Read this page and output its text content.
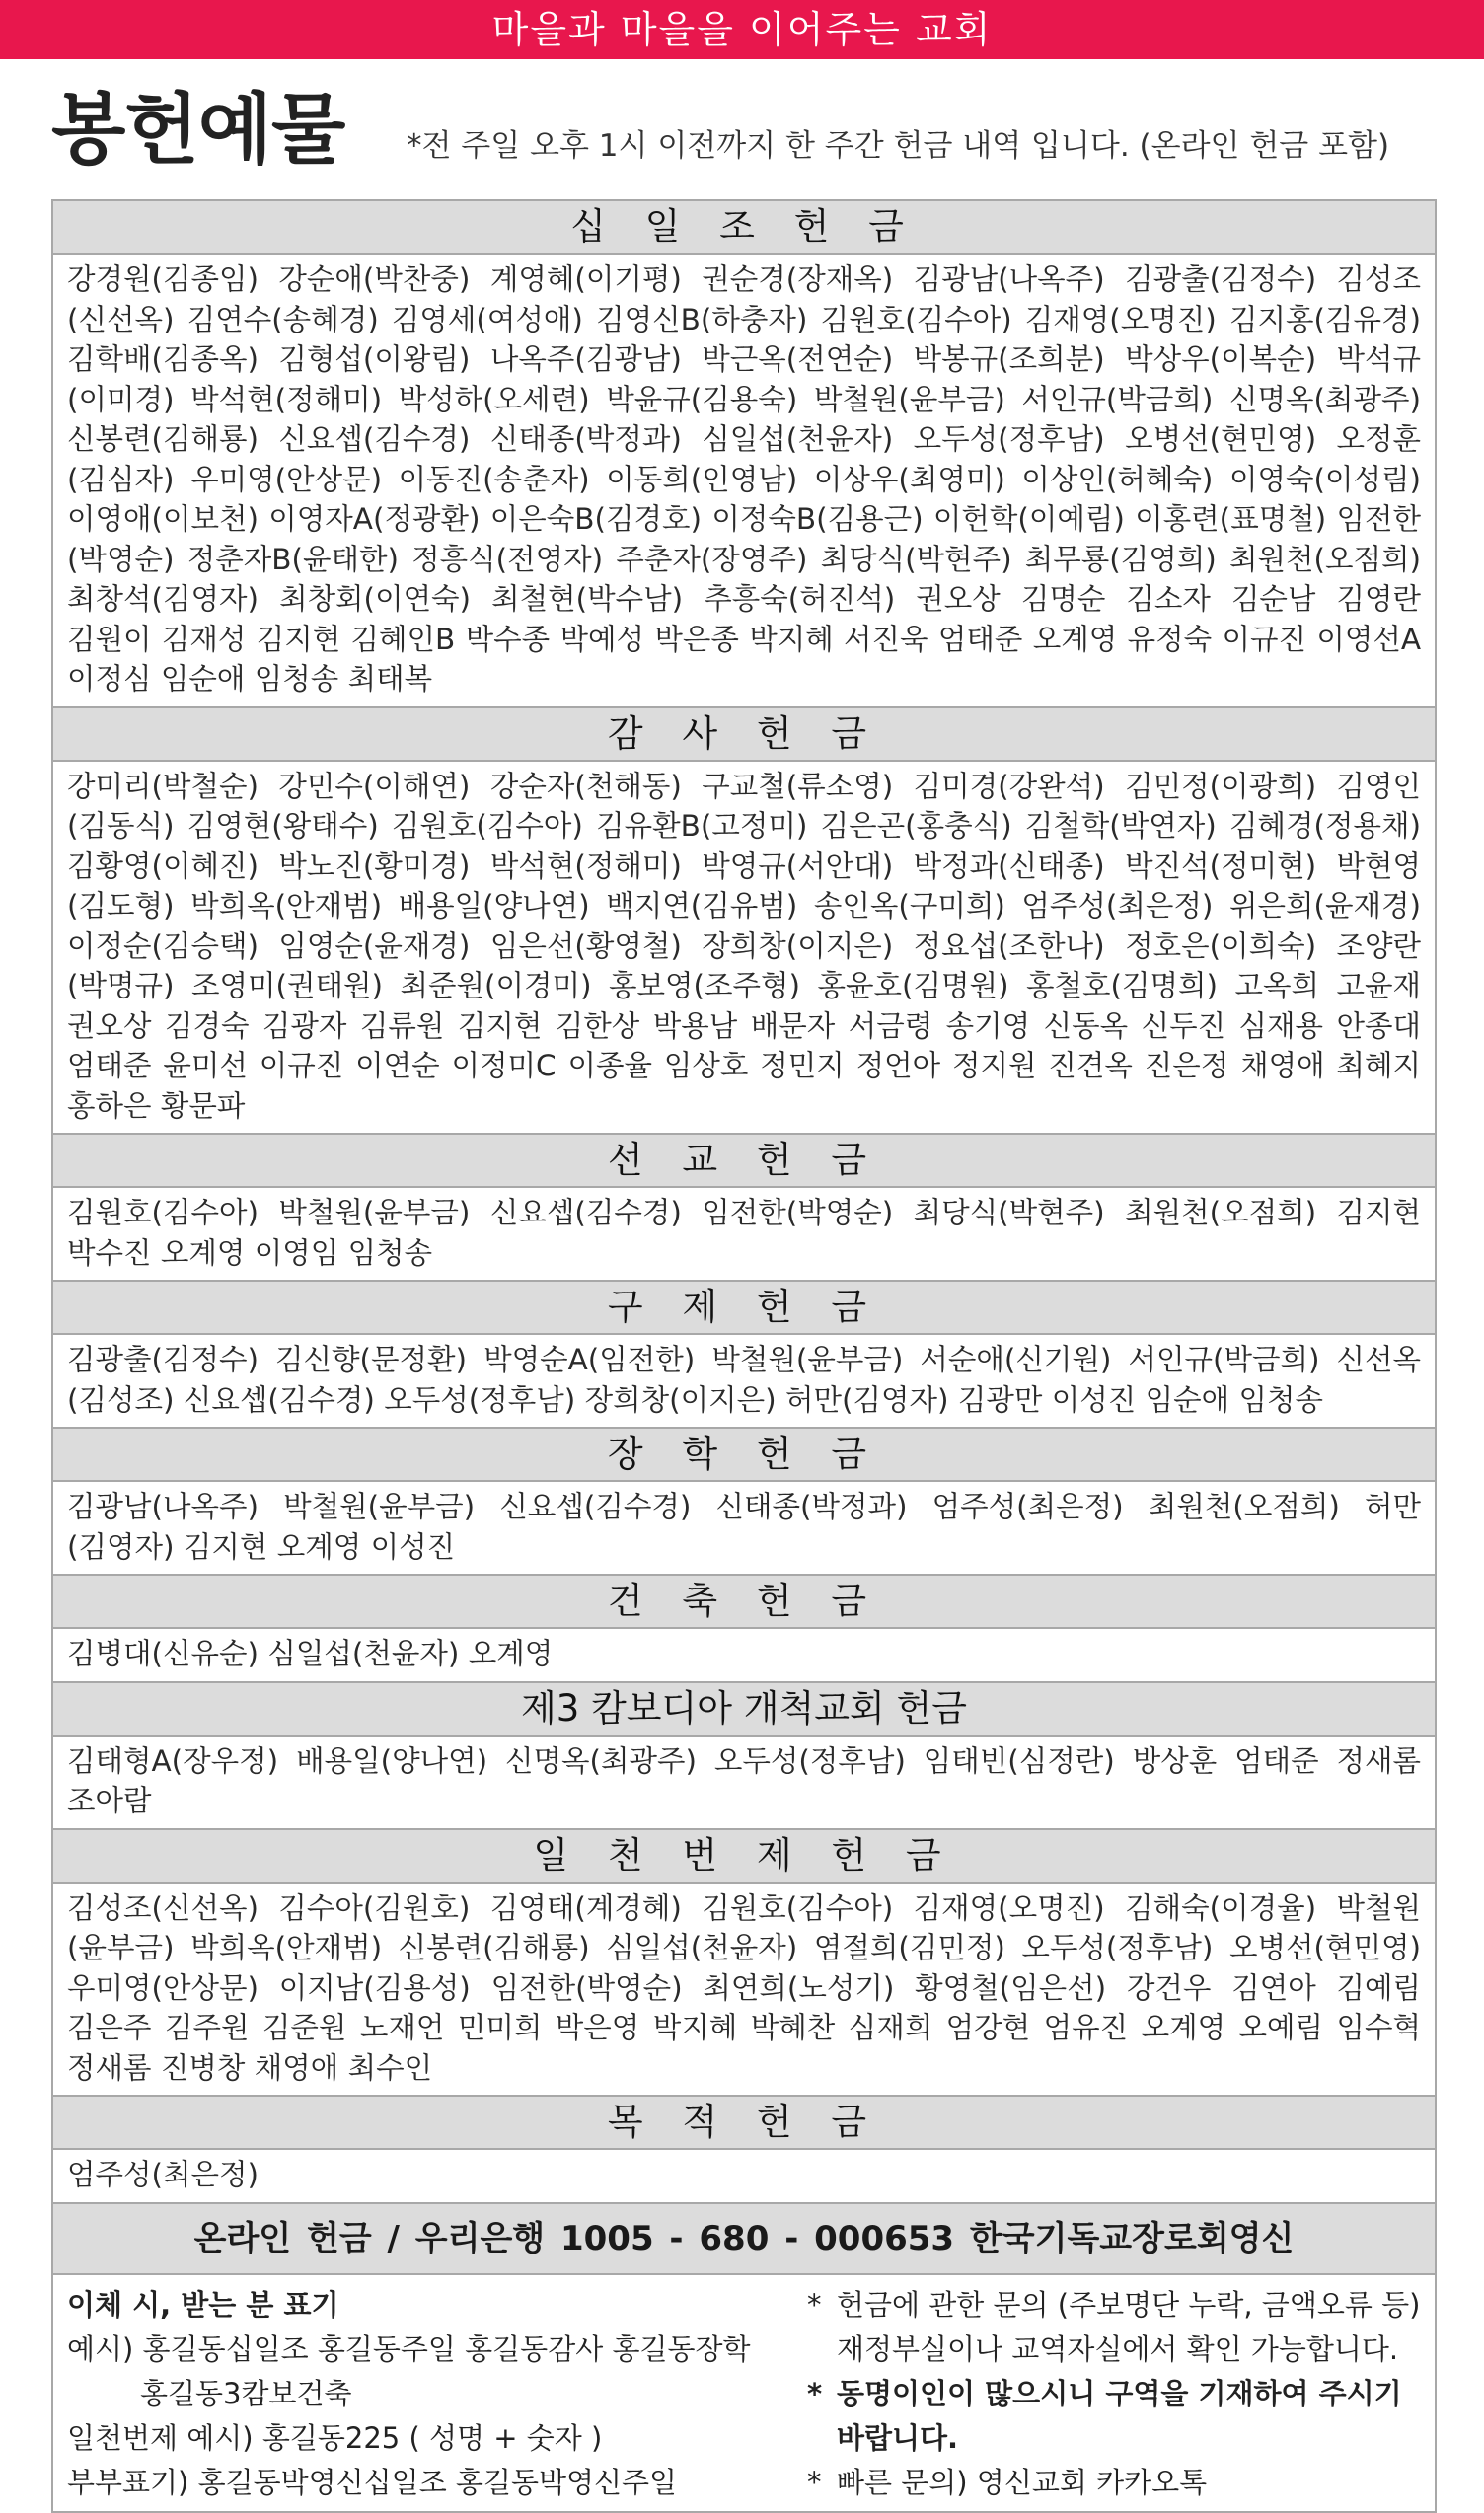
마을과 마을을 이어주는 교회
봉헌예물 *전 주일 오후 1시 이전까지 한 주간 헌금 내역 입니다. (온라인 헌금 포함)
십 일 조 헌 금
강경원(김종임) 강순애(박찬중) 계영혜(이기평) 권순경(장재옥) 김광남(나옥주) 김광출(김정수) 김성조(신선옥) 김연수(송혜경) 김영세(여성애) 김영신B(하충자) 김원호(김수아) 김재영(오명진) 김지홍(김유경) 김학배(김종옥) 김형섭(이왕림) 나옥주(김광남) 박근옥(전연순) 박봉규(조희분) 박상우(이복순) 박석규(이미경) 박석현(정해미) 박성하(오세련) 박윤규(김용숙) 박철원(윤부금) 서인규(박금희) 신명옥(최광주) 신봉련(김해룡) 신요셉(김수경) 신태종(박정과) 심일섭(천윤자) 오두성(정후남) 오병선(현민영) 오정훈(김심자) 우미영(안상문) 이동진(송춘자) 이동희(인영남) 이상우(최영미) 이상인(허혜숙) 이영숙(이성림) 이영애(이보천) 이영자A(정광환) 이은숙B(김경호) 이정숙B(김용근) 이헌학(이예림) 이홍련(표명철) 임전한(박영순) 정춘자B(윤태한) 정흥식(전영자) 주춘자(장영주) 최당식(박현주) 최무룡(김영희) 최원천(오점희) 최창석(김영자) 최창회(이연숙) 최철현(박수남) 추흥숙(허진석) 권오상 김명순 김소자 김순남 김영란 김원이 김재성 김지현 김혜인B 박수종 박예성 박은종 박지혜 서진욱 엄태준 오계영 유정숙 이규진 이영선A 이정심 임순애 임청송 최태복
감 사 헌 금
강미리(박철순) 강민수(이해연) 강순자(천해동) 구교철(류소영) 김미경(강완석) 김민정(이광희) 김영인(김동식) 김영현(왕태수) 김원호(김수아) 김유환B(고정미) 김은곤(홍충식) 김철학(박연자) 김혜경(정용채) 김황영(이혜진) 박노진(황미경) 박석현(정해미) 박영규(서안대) 박정과(신태종) 박진석(정미현) 박현영(김도형) 박희옥(안재범) 배용일(양나연) 백지연(김유범) 송인옥(구미희) 엄주성(최은정) 위은희(윤재경) 이정순(김승택) 임영순(윤재경) 임은선(황영철) 장희창(이지은) 정요섭(조한나) 정호은(이희숙) 조양란(박명규) 조영미(권태원) 최준원(이경미) 홍보영(조주형) 홍윤호(김명원) 홍철호(김명희) 고옥희 고윤재 권오상 김경숙 김광자 김류원 김지현 김한상 박용남 배문자 서금령 송기영 신동옥 신두진 심재용 안종대 엄태준 윤미선 이규진 이연순 이정미C 이종율 임상호 정민지 정언아 정지원 진견옥 진은정 채영애 최혜지 홍하은 황문파
선 교 헌 금
김원호(김수아) 박철원(윤부금) 신요셉(김수경) 임전한(박영순) 최당식(박현주) 최원천(오점희) 김지현 박수진 오계영 이영임 임청송
구 제 헌 금
김광출(김정수) 김신향(문정환) 박영순A(임전한) 박철원(윤부금) 서순애(신기원) 서인규(박금희) 신선옥(김성조) 신요셉(김수경) 오두성(정후남) 장희창(이지은) 허만(김영자) 김광만 이성진 임순애 임청송
장 학 헌 금
김광남(나옥주) 박철원(윤부금) 신요셉(김수경) 신태종(박정과) 엄주성(최은정) 최원천(오점희) 허만(김영자) 김지현 오계영 이성진
건 축 헌 금
김병대(신유순) 심일섭(천윤자) 오계영
제3 캄보디아 개척교회 헌금
김태형A(장우정) 배용일(양나연) 신명옥(최광주) 오두성(정후남) 임태빈(심정란) 방상훈 엄태준 정새롬 조아람
일 천 번 제 헌 금
김성조(신선옥) 김수아(김원호) 김영태(계경혜) 김원호(김수아) 김재영(오명진) 김해숙(이경율) 박철원(윤부금) 박희옥(안재범) 신봉련(김해룡) 심일섭(천윤자) 염절희(김민정) 오두성(정후남) 오병선(현민영) 우미영(안상문) 이지남(김용성) 임전한(박영순) 최연희(노성기) 황영철(임은선) 강건우 김연아 김예림 김은주 김주원 김준원 노재언 민미희 박은영 박지혜 박혜찬 심재희 엄강현 엄유진 오계영 오예림 임수혁 정새롬 진병창 채영애 최수인
목 적 헌 금
엄주성(최은정)
온라인 헌금 / 우리은행 1005 - 680 - 000653 한국기독교장로회영신
이체 시, 받는 분 표기
예시) 홍길동십일조 홍길동주일 홍길동감사 홍길동장학
홍길동3캄보건축
일천번제 예시) 홍길동225 ( 성명 + 숫자 )
부부표기) 홍길동박영신십일조 홍길동박영신주일
* 헌금에 관한 문의 (주보명단 누락, 금액오류 등)
재정부실이나 교역자실에서 확인 가능합니다.
* 동명이인이 많으시니 구역을 기재하여 주시기
바랍니다.
* 빠른 문의) 영신교회 카카오톡
